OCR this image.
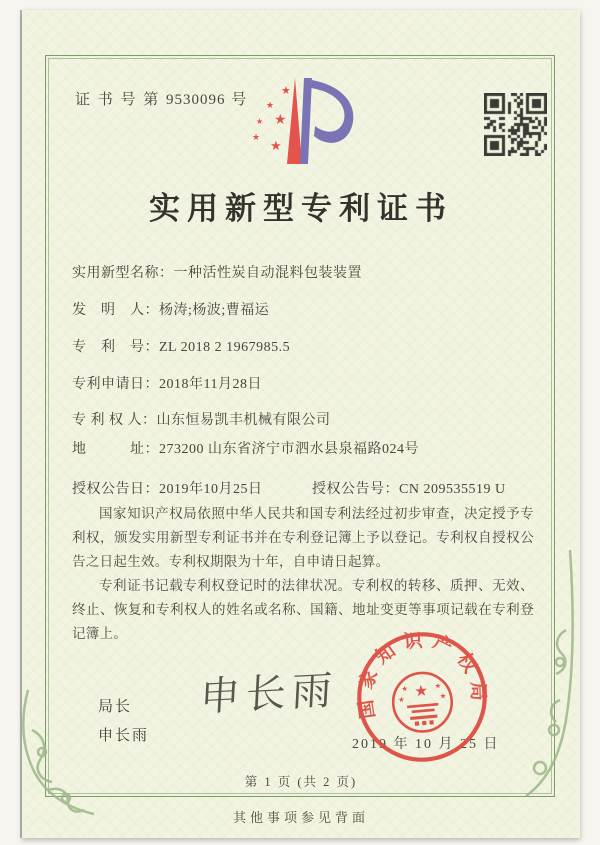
证 书 号 第 9530096 号
★
★
★
★
★
★
实用新型专利证书
实用新型名称：一种活性炭自动混料包装装置
发　明　人：杨涛;杨波;曹福运
专　利　号：ZL 2018 2 1967985.5
专利申请日：2018年11月28日
专 利 权 人：山东恒易凯丰机械有限公司
地　　　址：273200 山东省济宁市泗水县泉福路024号
授权公告日：2019年10月25日	授权公告号：CN 209535519 U

国家知识产权局依照中华人民共和国专利法经过初步审查，决定授予专利权，颁发实用新型专利证书并在专利登记簿上予以登记。专利权自授权公告之日起生效。专利权期限为十年，自申请日起算。

专利证书记载专利权登记时的法律状况。专利权的转移、质押、无效、终止、恢复和专利权人的姓名或名称、国籍、地址变更等事项记载在专利登记簿上。

局长
申长雨
申长雨
2019 年 10 月 25 日
国家知识产权局
★
★	★
★	★
第 1 页 (共 2 页)
其他事项参见背面
